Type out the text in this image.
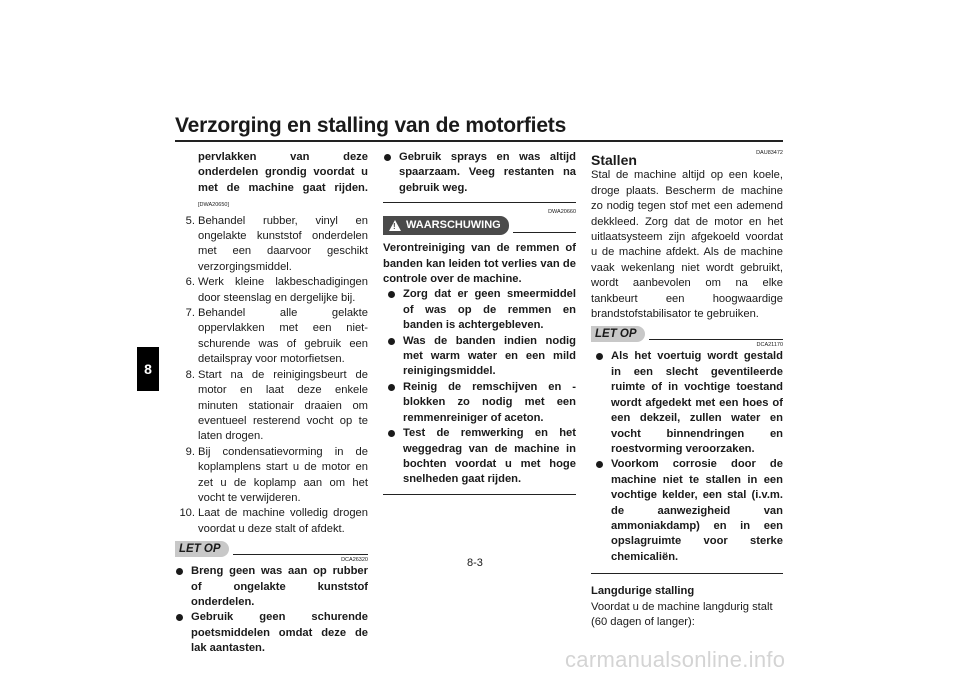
Verzorging en stalling van de motorfiets
8
pervlakken van deze onderdelen grondig voordat u met de machine gaat rijden. [DWA20650]
5. Behandel rubber, vinyl en ongelakte kunststof onderdelen met een daarvoor geschikt verzorgingsmiddel.
6. Werk kleine lakbeschadigingen door steenslag en dergelijke bij.
7. Behandel alle gelakte oppervlakken met een niet-schurende was of gebruik een detailspray voor motorfietsen.
8. Start na de reinigingsbeurt de motor en laat deze enkele minuten stationair draaien om eventueel resterend vocht op te laten drogen.
9. Bij condensatievorming in de koplamplens start u de motor en zet u de koplamp aan om het vocht te verwijderen.
10. Laat de machine volledig drogen voordat u deze stalt of afdekt.
LET OP
DCA26320
Breng geen was aan op rubber of ongelakte kunststof onderdelen.
Gebruik geen schurende poetsmiddelen omdat deze de lak aantasten.
Gebruik sprays en was altijd spaarzaam. Veeg restanten na gebruik weg.
DWA20660
! WAARSCHUWING
Verontreiniging van de remmen of banden kan leiden tot verlies van de controle over de machine.
Zorg dat er geen smeermiddel of was op de remmen en banden is achtergebleven.
Was de banden indien nodig met warm water en een mild reinigingsmiddel.
Reinig de remschijven en -blokken zo nodig met een remmenreiniger of aceton.
Test de remwerking en het weggedrag van de machine in bochten voordat u met hoge snelheden gaat rijden.
DAU83472
Stallen
Stal de machine altijd op een koele, droge plaats. Bescherm de machine zo nodig tegen stof met een ademend dekkleed. Zorg dat de motor en het uitlaatsysteem zijn afgekoeld voordat u de machine afdekt. Als de machine vaak wekenlang niet wordt gebruikt, wordt aanbevolen om na elke tankbeurt een hoogwaardige brandstofstabilisator te gebruiken.
LET OP
DCA21170
Als het voertuig wordt gestald in een slecht geventileerde ruimte of in vochtige toestand wordt afgedekt met een hoes of een dekzeil, zullen water en vocht binnendringen en roestvorming veroorzaken.
Voorkom corrosie door de machine niet te stallen in een vochtige kelder, een stal (i.v.m. de aanwezigheid van ammoniakdamp) en in een opslagruimte voor sterke chemicaliën.
Langdurige stalling
Voordat u de machine langdurig stalt (60 dagen of langer):
8-3
carmanualsonline.info
